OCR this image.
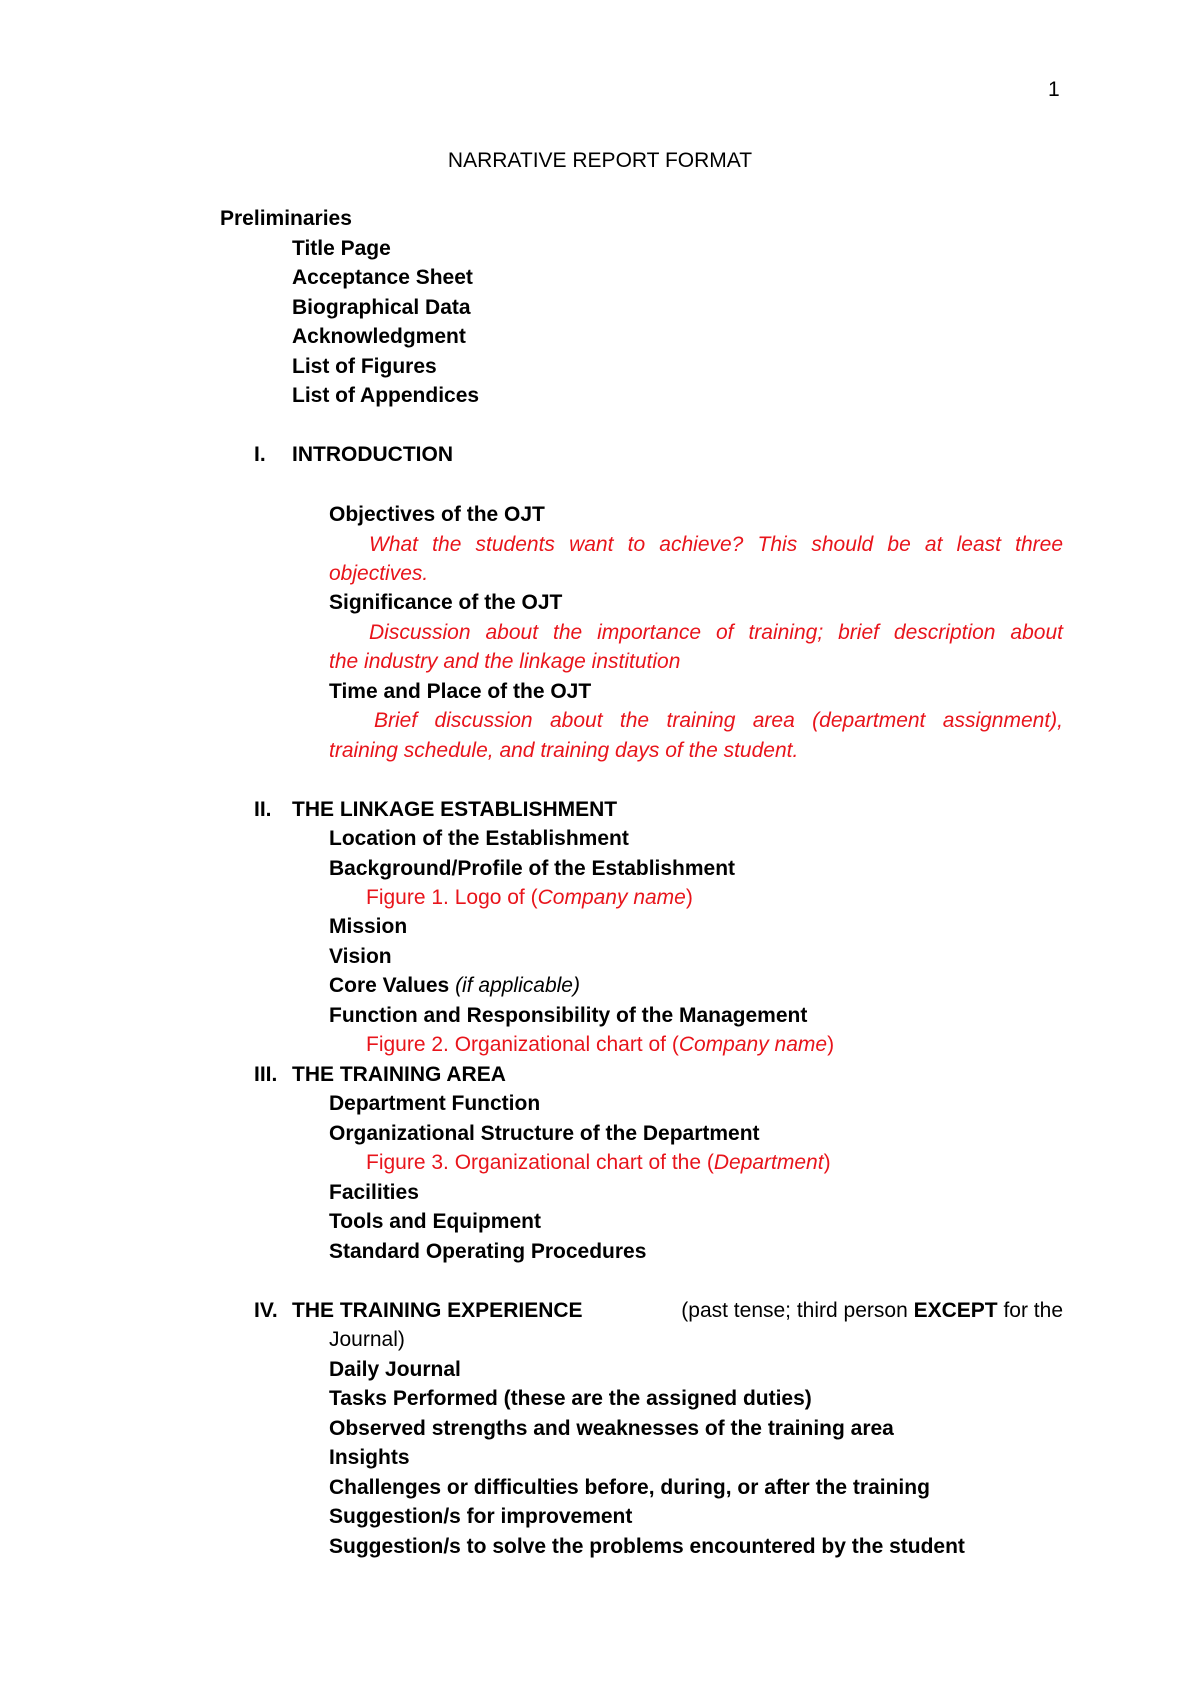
1
NARRATIVE REPORT FORMAT
Preliminaries
Title Page
Acceptance Sheet
Biographical Data
Acknowledgment
List of Figures
List of Appendices
I. INTRODUCTION
Objectives of the OJT
What the students want to achieve? This should be at least three
objectives.
Significance of the OJT
Discussion about the importance of training; brief description about
the industry and the linkage institution
Time and Place of the OJT
Brief discussion about the training area (department assignment),
training schedule, and training days of the student.
II. THE LINKAGE ESTABLISHMENT
Location of the Establishment
Background/Profile of the Establishment
Figure 1. Logo of (Company name)
Mission
Vision
Core Values (if applicable)
Function and Responsibility of the Management
Figure 2. Organizational chart of (Company name)
III. THE TRAINING AREA
Department Function
Organizational Structure of the Department
Figure 3. Organizational chart of the (Department)
Facilities
Tools and Equipment
Standard Operating Procedures
IV. THE TRAINING EXPERIENCE	(past tense; third person EXCEPT for the
Journal)
Daily Journal
Tasks Performed (these are the assigned duties)
Observed strengths and weaknesses of the training area
Insights
Challenges or difficulties before, during, or after the training
Suggestion/s for improvement
Suggestion/s to solve the problems encountered by the student
